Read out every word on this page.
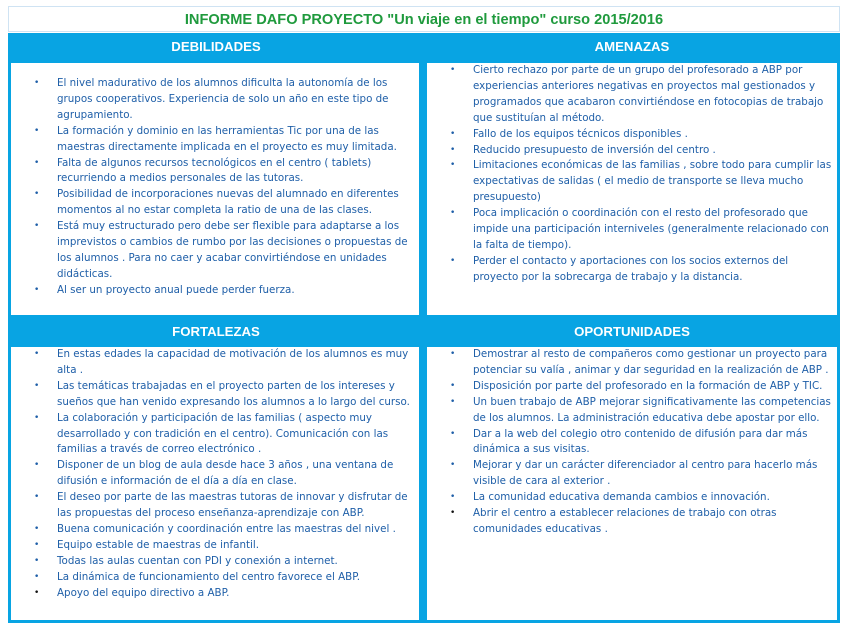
INFORME DAFO PROYECTO "Un viaje en el tiempo" curso 2015/2016
DEBILIDADES
• El nivel madurativo de los alumnos dificulta la autonomía de los grupos cooperativos. Experiencia de solo un año en este tipo de agrupamiento.
• La formación y dominio en las herramientas Tic por una de las maestras directamente implicada en el proyecto es muy limitada.
• Falta de algunos recursos tecnológicos en el centro ( tablets) recurriendo a medios personales de las tutoras.
• Posibilidad de incorporaciones nuevas del alumnado en diferentes momentos al no estar completa la ratio de una de las clases.
• Está muy estructurado pero debe ser flexible para adaptarse a los imprevistos o cambios de rumbo por las decisiones o propuestas de los alumnos . Para no caer y acabar convirtiéndose en unidades didácticas.
• Al ser un proyecto anual puede perder fuerza.
AMENAZAS
• Cierto rechazo por parte de un grupo del profesorado a ABP por experiencias anteriores negativas en proyectos mal gestionados y programados que acabaron convirtiéndose en fotocopias de trabajo que sustituían al método.
• Fallo de los equipos técnicos disponibles .
• Reducido presupuesto de inversión del centro .
• Limitaciones económicas de las familias , sobre todo para cumplir las expectativas de salidas ( el medio de transporte se lleva mucho presupuesto)
• Poca implicación o coordinación con el resto del profesorado que impide una participación interniveles (generalmente relacionado con la falta de tiempo).
• Perder el contacto y aportaciones con los socios externos del proyecto por la sobrecarga de trabajo y la distancia.
FORTALEZAS
• En estas edades la capacidad de motivación de los alumnos es muy alta .
• Las temáticas trabajadas en el proyecto parten de los intereses y sueños que han venido expresando los alumnos a lo largo del curso.
• La colaboración y participación de las familias ( aspecto muy desarrollado y con tradición en el centro). Comunicación con las familias a través de correo electrónico .
• Disponer de un blog de aula desde hace 3 años , una ventana de difusión e información de el día a día en clase.
• El deseo por parte de las maestras tutoras de innovar y disfrutar de las propuestas del proceso enseñanza-aprendizaje con ABP.
• Buena comunicación y coordinación entre las maestras del nivel .
• Equipo estable de maestras de infantil.
• Todas las aulas cuentan con PDI y conexión a internet.
• La dinámica de funcionamiento del centro favorece el ABP.
• Apoyo del equipo directivo a ABP.
OPORTUNIDADES
• Demostrar al resto de compañeros como gestionar un proyecto para potenciar su valía , animar y dar seguridad en la realización de ABP .
• Disposición por parte del profesorado en la formación de ABP y TIC.
• Un buen trabajo de ABP mejorar significativamente las competencias de los alumnos. La administración educativa debe apostar por ello.
• Dar a la web del colegio otro contenido de difusión para dar más dinámica a sus visitas.
• Mejorar y dar un carácter diferenciador al centro para hacerlo más visible de cara al exterior .
• La comunidad educativa demanda cambios e innovación.
• Abrir el centro a establecer relaciones de trabajo con otras comunidades educativas .
